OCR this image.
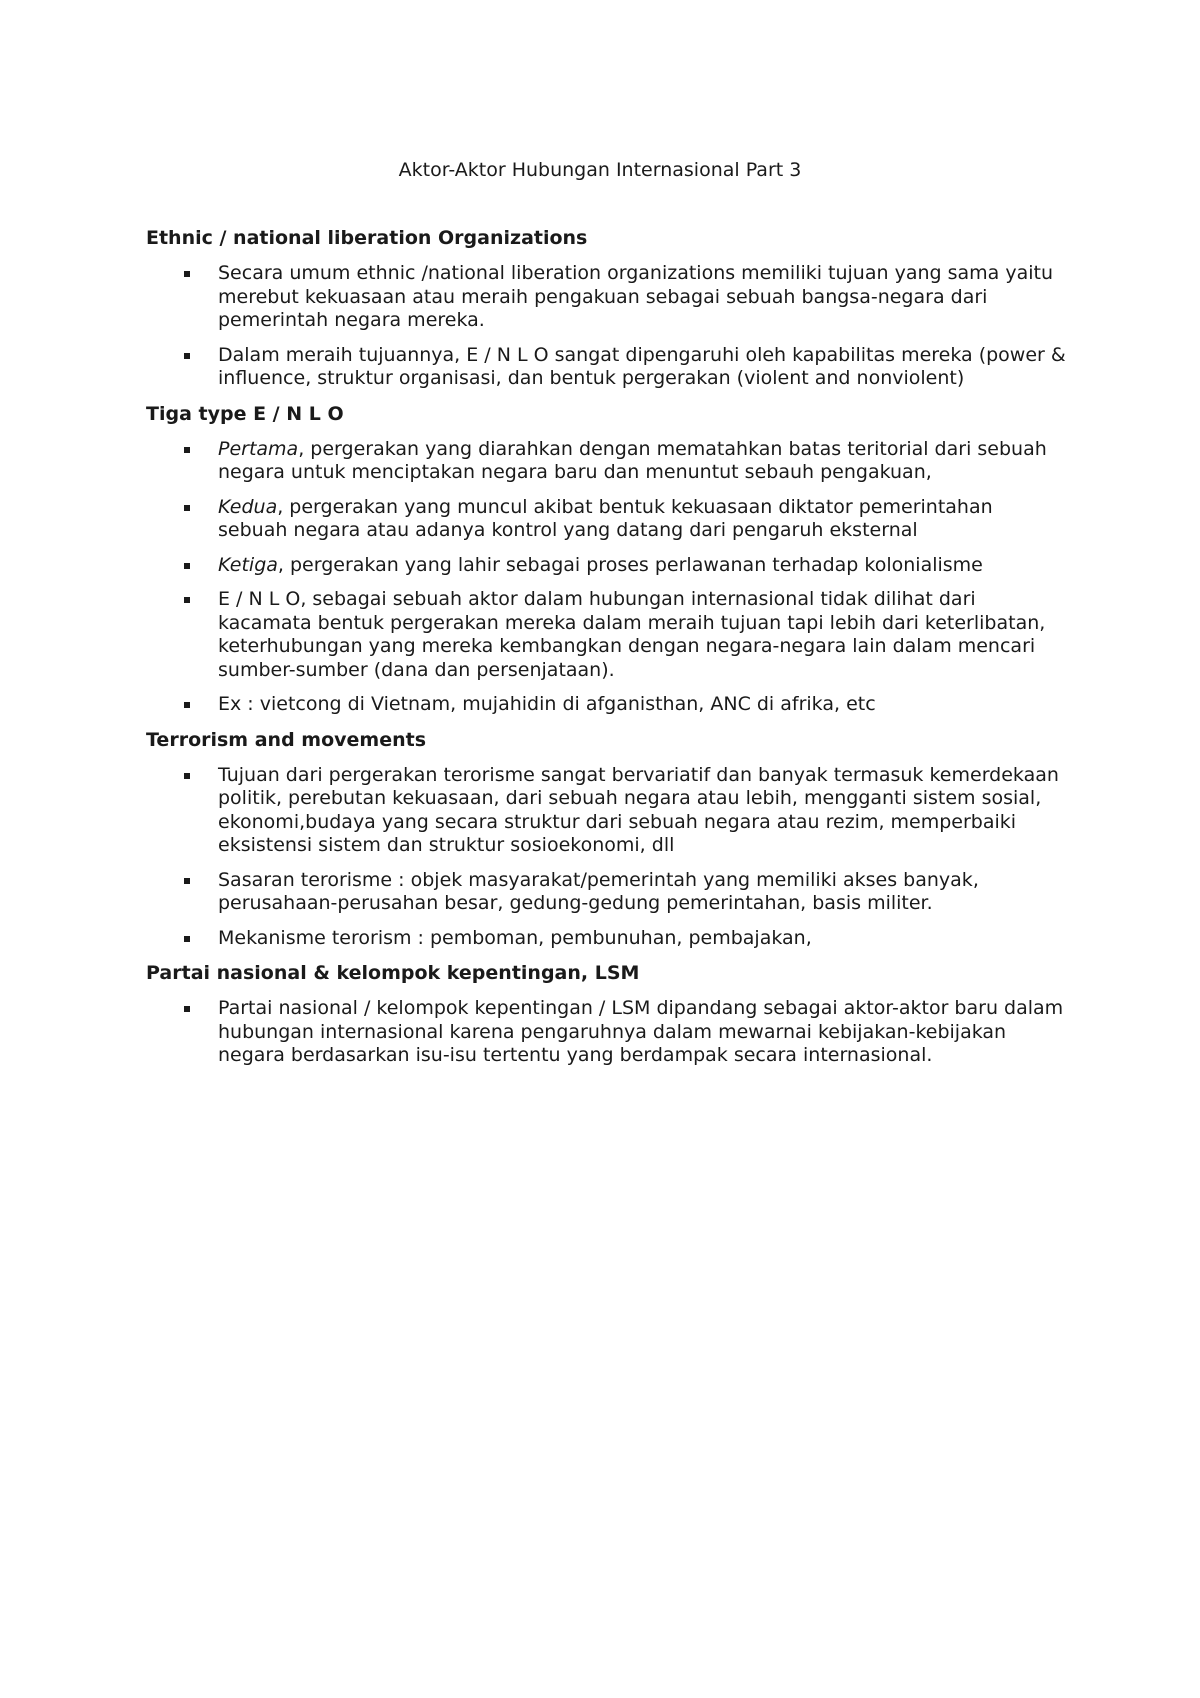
Aktor-Aktor Hubungan Internasional Part 3
Ethnic / national liberation Organizations
Secara umum ethnic /national liberation organizations memiliki tujuan yang sama yaitu merebut kekuasaan atau meraih pengakuan sebagai sebuah bangsa-negara dari pemerintah negara mereka.
Dalam meraih tujuannya, E / N L O sangat dipengaruhi oleh kapabilitas mereka (power & influence, struktur organisasi, dan bentuk pergerakan (violent and nonviolent)
Tiga type E / N L O
Pertama, pergerakan yang diarahkan dengan mematahkan batas teritorial dari sebuah negara untuk menciptakan negara baru dan menuntut sebauh pengakuan,
Kedua, pergerakan yang muncul akibat bentuk kekuasaan diktator pemerintahan sebuah negara atau adanya kontrol yang datang dari pengaruh eksternal
Ketiga, pergerakan yang lahir sebagai proses perlawanan terhadap kolonialisme
E / N L O, sebagai sebuah aktor dalam hubungan internasional tidak dilihat dari kacamata bentuk pergerakan mereka dalam meraih tujuan tapi lebih dari keterlibatan, keterhubungan yang mereka kembangkan dengan negara-negara lain dalam mencari sumber-sumber (dana dan persenjataan).
Ex : vietcong di Vietnam, mujahidin di afganisthan, ANC di afrika, etc
Terrorism and movements
Tujuan dari pergerakan terorisme sangat bervariatif dan banyak termasuk kemerdekaan politik, perebutan kekuasaan, dari sebuah negara atau lebih, mengganti sistem sosial, ekonomi,budaya yang secara struktur dari sebuah negara atau rezim, memperbaiki eksistensi sistem dan struktur sosioekonomi, dll
Sasaran terorisme : objek masyarakat/pemerintah yang memiliki akses banyak, perusahaan-perusahan besar, gedung-gedung pemerintahan, basis militer.
Mekanisme terorism : pemboman, pembunuhan, pembajakan,
Partai nasional & kelompok kepentingan, LSM
Partai nasional / kelompok kepentingan / LSM dipandang sebagai aktor-aktor baru dalam hubungan internasional karena pengaruhnya dalam mewarnai kebijakan-kebijakan negara berdasarkan isu-isu tertentu yang berdampak secara internasional.
